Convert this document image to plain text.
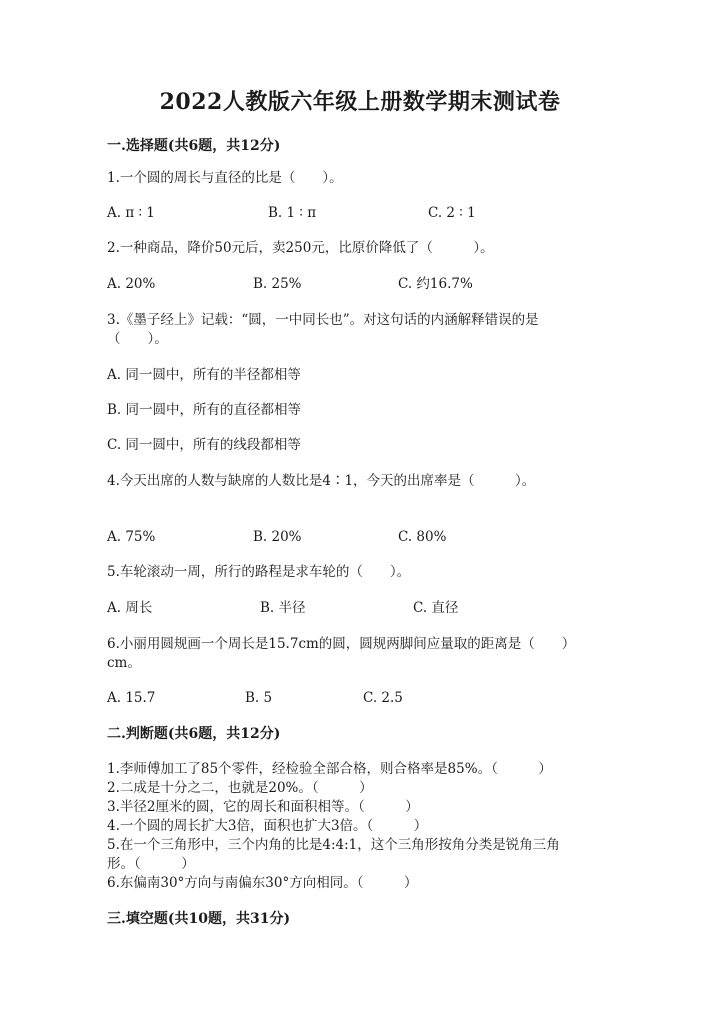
2022人教版六年级上册数学期末测试卷
一.选择题(共6题，共12分)
1.一个圆的周长与直径的比是（　　）。
A. π ∶ 1	B. 1 ∶ π	C. 2 ∶ 1
2.一种商品，降价50元后，卖250元，比原价降低了（　　　）。
A. 20%	B. 25%	C. 约16.7%
3.《墨子经上》记载：“圆，一中同长也”。对这句话的内涵解释错误的是
（　　）。
A. 同一圆中，所有的半径都相等
B. 同一圆中，所有的直径都相等
C. 同一圆中，所有的线段都相等
4.今天出席的人数与缺席的人数比是4∶1，今天的出席率是（　　　）。
A. 75%	B. 20%	C. 80%
5.车轮滚动一周，所行的路程是求车轮的（　　）。
A. 周长	B. 半径	C. 直径
6.小丽用圆规画一个周长是15.7cm的圆，圆规两脚间应量取的距离是（　　）
cm。
A. 15.7	B. 5	C. 2.5
二.判断题(共6题，共12分)
1.李师傅加工了85个零件，经检验全部合格，则合格率是85%。（　　　）
2.二成是十分之二，也就是20%。（　　　）
3.半径2厘米的圆，它的周长和面积相等。（　　　）
4.一个圆的周长扩大3倍，面积也扩大3倍。（　　　）
5.在一个三角形中，三个内角的比是4:4:1，这个三角形按角分类是锐角三角
形。（　　　）
6.东偏南30°方向与南偏东30°方向相同。（　　　）
三.填空题(共10题，共31分)
